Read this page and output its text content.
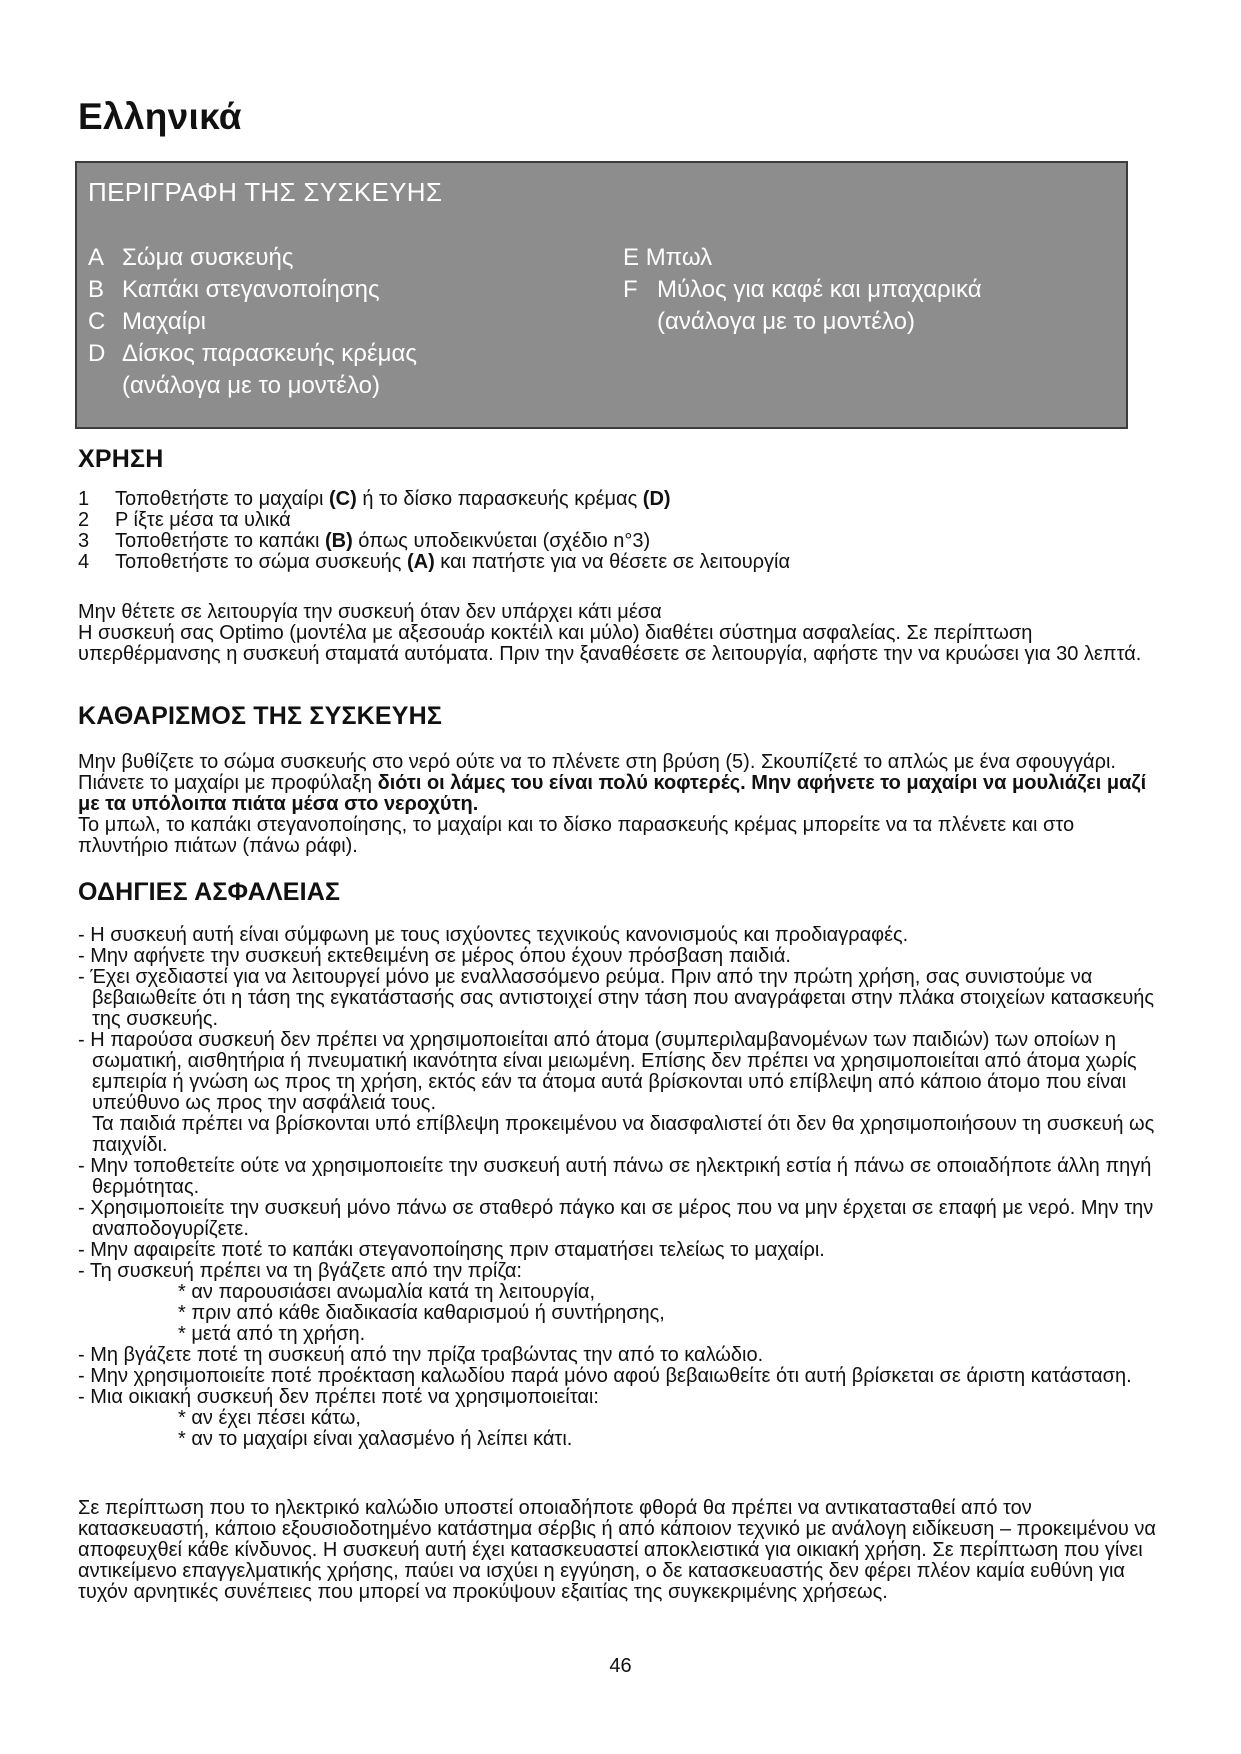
Ελληνικά
ΠΕΡΙΓΡΑΦΗ ΤΗΣ ΣΥΣΚΕΥΗΣ
A Σώμα συσκευής
B Καπάκι στεγανοποίησης
C Μαχαίρι
D Δίσκος παρασκευής κρέμας
(ανάλογα με το μοντέλο)
E Μπωλ
F Μύλος για καφέ και μπαχαρικά
(ανάλογα με το μοντέλο)
ΧΡΗΣΗ
1	Τοποθετήστε το μαχαίρι (C) ή το δίσκο παρασκευής κρέμας (D)
2	Ρ ίξτε μέσα τα υλικά
3	Τοποθετήστε το καπάκι (B) όπως υποδεικνύεται (σχέδιο n°3)
4	Τοποθετήστε το σώμα συσκευής (A) και πατήστε για να θέσετε σε λειτουργία

Μην θέτετε σε λειτουργία την συσκευή όταν δεν υπάρχει κάτι μέσα
Η συσκευή σας Optimo (μοντέλα με αξεσουάρ κοκτέιλ και μύλο) διαθέτει σύστημα ασφαλείας. Σε περίπτωση υπερθέρμανσης η συσκευή σταματά αυτόματα. Πριν την ξαναθέσετε σε λειτουργία, αφήστε την να κρυώσει για 30 λεπτά.

ΚΑΘΑΡΙΣΜΟΣ ΤΗΣ ΣΥΣΚΕΥΗΣ

Μην βυθίζετε το σώμα συσκευής στο νερό ούτε να το πλένετε στη βρύση (5). Σκουπίζετέ το απλώς με ένα σφουγγάρι. Πιάνετε το μαχαίρι με προφύλαξη διότι οι λάμες του είναι πολύ κοφτερές. Μην αφήνετε το μαχαίρι να μουλιάζει μαζί με τα υπόλοιπα πιάτα μέσα στο νεροχύτη.
Το μπωλ, το καπάκι στεγανοποίησης, το μαχαίρι και το δίσκο παρασκευής κρέμας μπορείτε να τα πλένετε και στο πλυντήριο πιάτων (πάνω ράφι).

ΟΔΗΓΙΕΣ ΑΣΦΑΛΕΙΑΣ
- Η συσκευή αυτή είναι σύμφωνη με τους ισχύοντες τεχνικούς κανονισμούς και προδιαγραφές.
- Μην αφήνετε την συσκευή εκτεθειμένη σε μέρος όπου έχουν πρόσβαση παιδιά.
- Έχει σχεδιαστεί για να λειτουργεί μόνο με εναλλασσόμενο ρεύμα. Πριν από την πρώτη χρήση, σας συνιστούμε να βεβαιωθείτε ότι η τάση της εγκατάστασής σας αντιστοιχεί στην τάση που αναγράφεται στην πλάκα στοιχείων κατασκευής της συσκευής.
- Η παρούσα συσκευή δεν πρέπει να χρησιμοποιείται από άτομα (συμπεριλαμβανομένων των παιδιών) των οποίων η σωματική, αισθητήρια ή πνευματική ικανότητα είναι μειωμένη. Επίσης δεν πρέπει να χρησιμοποιείται από άτομα χωρίς εμπειρία ή γνώση ως προς τη χρήση, εκτός εάν τα άτομα αυτά βρίσκονται υπό επίβλεψη από κάποιο άτομο που είναι υπεύθυνο ως προς την ασφάλειά τους.
Τα παιδιά πρέπει να βρίσκονται υπό επίβλεψη προκειμένου να διασφαλιστεί ότι δεν θα χρησιμοποιήσουν τη συσκευή ως παιχνίδι.
- Μην τοποθετείτε ούτε να χρησιμοποιείτε την συσκευή αυτή πάνω σε ηλεκτρική εστία ή πάνω σε οποιαδήποτε άλλη πηγή θερμότητας.
- Χρησιμοποιείτε την συσκευή μόνο πάνω σε σταθερό πάγκο και σε μέρος που να μην έρχεται σε επαφή με νερό. Μην την αναποδογυρίζετε.
- Μην αφαιρείτε ποτέ το καπάκι στεγανοποίησης πριν σταματήσει τελείως το μαχαίρι.
- Τη συσκευή πρέπει να τη βγάζετε από την πρίζα:
* αν παρουσιάσει ανωμαλία κατά τη λειτουργία,
* πριν από κάθε διαδικασία καθαρισμού ή συντήρησης,
* μετά από τη χρήση.
- Μη βγάζετε ποτέ τη συσκευή από την πρίζα τραβώντας την από το καλώδιο.
- Μην χρησιμοποιείτε ποτέ προέκταση καλωδίου παρά μόνο αφού βεβαιωθείτε ότι αυτή βρίσκεται σε άριστη κατάσταση.
- Μια οικιακή συσκευή δεν πρέπει ποτέ να χρησιμοποιείται:
* αν έχει πέσει κάτω,
* αν το μαχαίρι είναι χαλασμένο ή λείπει κάτι.

Σε περίπτωση που το ηλεκτρικό καλώδιο υποστεί οποιαδήποτε φθορά θα πρέπει να αντικατασταθεί από τον κατασκευαστή, κάποιο εξουσιοδοτημένο κατάστημα σέρβις ή από κάποιον τεχνικό με ανάλογη ειδίκευση – προκειμένου να αποφευχθεί κάθε κίνδυνος. Η συσκευή αυτή έχει κατασκευαστεί αποκλειστικά για οικιακή χρήση. Σε περίπτωση που γίνει αντικείμενο επαγγελματικής χρήσης, παύει να ισχύει η εγγύηση, ο δε κατασκευαστής δεν φέρει πλέον καμία ευθύνη για τυχόν αρνητικές συνέπειες που μπορεί να προκύψουν εξαιτίας της συγκεκριμένης χρήσεως.

46
